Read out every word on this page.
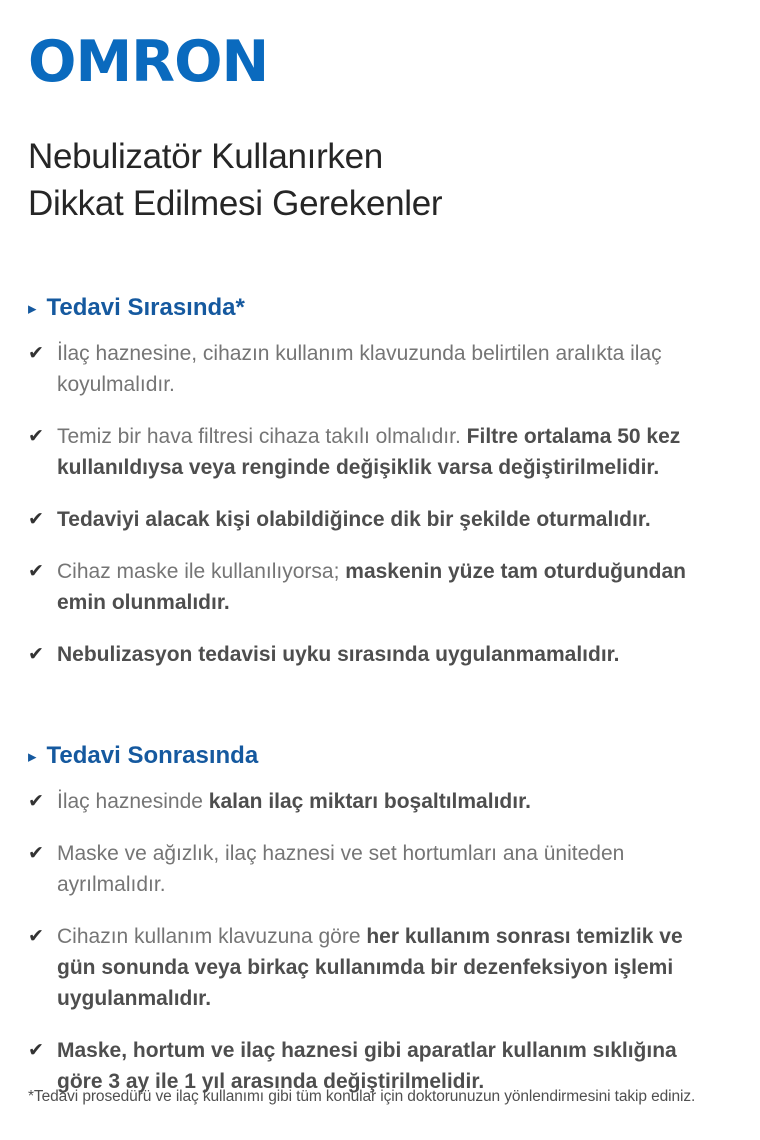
OMRON
Nebulizatör Kullanırken
Dikkat Edilmesi Gerekenler
▸ Tedavi Sırasında*
✔ İlaç haznesine, cihazın kullanım klavuzunda belirtilen aralıkta ilaç koyulmalıdır.
✔ Temiz bir hava filtresi cihaza takılı olmalıdır. Filtre ortalama 50 kez kullanıldıysa veya renginde değişiklik varsa değiştirilmelidir.
✔ Tedaviyi alacak kişi olabildiğince dik bir şekilde oturmalıdır.
✔ Cihaz maske ile kullanılıyorsa; maskenin yüze tam oturduğundan emin olunmalıdır.
✔ Nebulizasyon tedavisi uyku sırasında uygulanmamalıdır.
▸ Tedavi Sonrasında
✔ İlaç haznesinde kalan ilaç miktarı boşaltılmalıdır.
✔ Maske ve ağızlık, ilaç haznesi ve set hortumları ana üniteden ayrılmalıdır.
✔ Cihazın kullanım klavuzuna göre her kullanım sonrası temizlik ve gün sonunda veya birkaç kullanımda bir dezenfeksiyon işlemi uygulanmalıdır.
✔ Maske, hortum ve ilaç haznesi gibi aparatlar kullanım sıklığına göre 3 ay ile 1 yıl arasında değiştirilmelidir.
*Tedavi prosedürü ve ilaç kullanımı gibi tüm konular için doktorunuzun yönlendirmesini takip ediniz.
